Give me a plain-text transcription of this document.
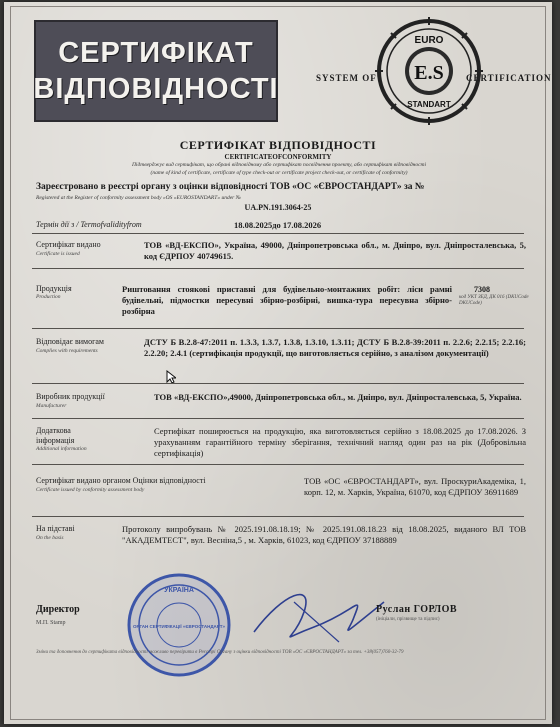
СЕРТИФІКАТ
ВІДПОВІДНОСТІ	SYSTEM OF E.S
EURO
STANDART
CERTIFICATION
СЕРТИФІКАТ ВІДПОВІДНОСТІ
CERTIFICATEOFCONFORMITY
Підтверджує вид сертифікат, що обрані відповідному або сертифікат посвідчення проекту, або сертифікат відповідності
(name of kind of certificate, certificate of type check-out or certificate project check-out, or certificate of conformity)
Зареєстровано в реєстрі органу з оцінки відповідності ТОВ «ОС «ЄВРОСТАНДАРТ» за №
Registered at the Register of conformity assessment body «OS «EUROSTANDART» under №
UA.PN.191.3064-25
Термін дії з / Termofvalidityfrom	18.08.2025до 17.08.2026
Сертифікат видано
Certificate is issued
ТОВ «ВД-ЕКСПО», Україна, 49000, Дніпропетровська обл., м. Дніпро, вул. Дніпросталевська, 5, код ЄДРПОУ 40749615.
Продукція
Production
Риштовання стоякові приставні для будівельно-монтажних робіт: ліси рамні будівельні, підмостки пересувні збірно-розбірні, вишка-тура пересувна збірно-розбірна
7308
код УКТ ЗЕД, ДК 016 (DKUCode DKUCode)
Відповідає вимогам
Complies with requirements
ДСТУ Б В.2.8-47:2011 п. 1.3.3, 1.3.7, 1.3.8, 1.3.10, 1.3.11; ДСТУ Б В.2.8-39:2011 п. 2.2.6; 2.2.15; 2.2.16; 2.2.20; 2.4.1 (сертифікація продукції, що виготовляється серійно, з аналізом документації)
Виробник продукції
Manufacturer
ТОВ «ВД-ЕКСПО»,49000, Дніпропетровська обл., м. Дніпро, вул. Дніпросталевська, 5, Україна.
Додаткова
інформація
Additional information
Сертифікат поширюється на продукцію, яка виготовляється серійно з 18.08.2025 до 17.08.2026. З урахуванням гарантійного терміну зберігання, технічний нагляд один раз на рік (Добровільна сертифікація)
Сертифікат видано органом Оцінки відповідності
Certificate issued by conformity assessment body
ТОВ «ОС «ЄВРОСТАНДАРТ», вул. ПроскуриАкадеміка, 1, корп. 12, м. Харків, Україна, 61070, код ЄДРПОУ 36911689
На підставі
On the basis
Протоколу випробувань № 2025.191.08.18.19; № 2025.191.08.18.23 від 18.08.2025, виданого ВЛ ТОВ "АКАДЕМТЕСТ", вул. Весніна,5 , м. Харків, 61023, код ЄДРПОУ 37188889
УКРАЇНА
ОРГАН СЕРТИФІКАЦІЇ «ЄВРОСТАНДАРТ»
Директор
М.П. Stamp
Руслан ГОРЛОВ
(ініціали, прізвище та підпис)
Зміни та доповнення до сертифіката відповідності можливо перевірити в Реєстрі Органу з оцінки відповідності ТОВ «ОС «ЄВРОСТАНДАРТ» за тел. +38(057)760-32-79
